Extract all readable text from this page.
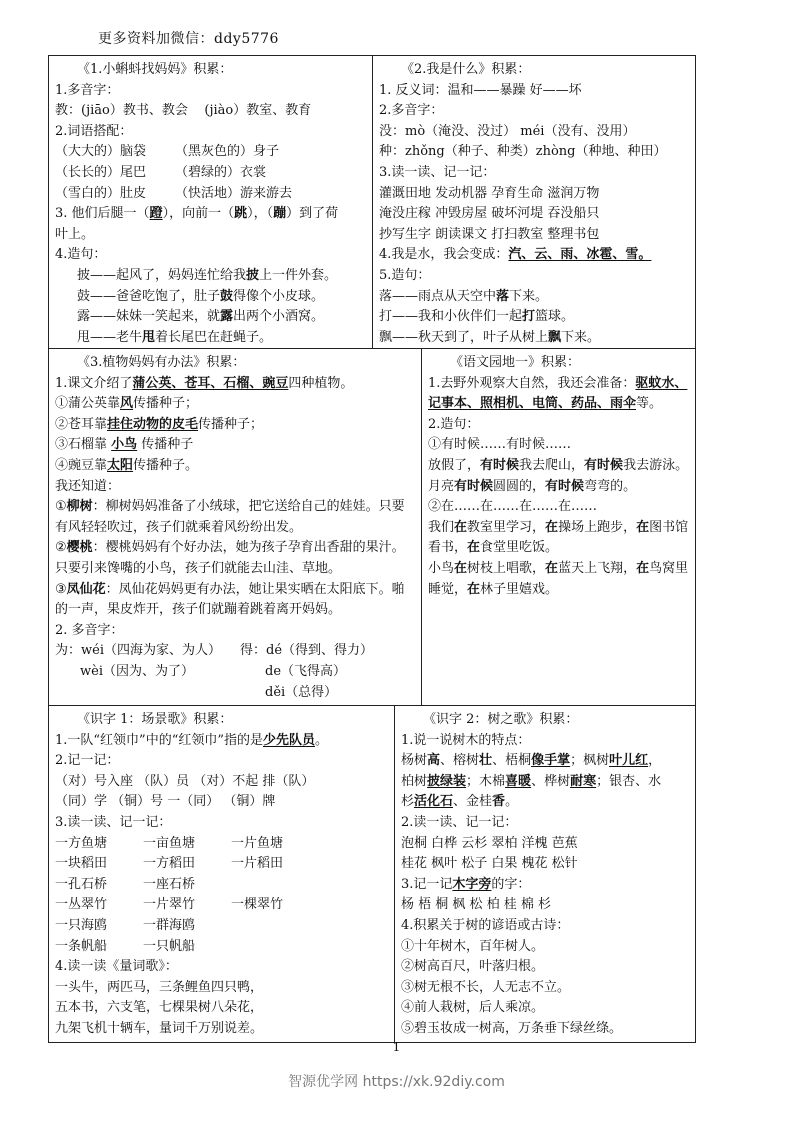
更多资料加微信：ddy5776
《1.小蝌蚪找妈妈》积累：
1.多音字：
教：(jiāo）教书、教会 (jiào）教室、教育
2.词语搭配：
（大大的）脑袋 （黑灰色的）身子
（长长的）尾巴 （碧绿的）衣裳
（雪白的）肚皮 （快活地）游来游去
3. 他们后腿一（蹬），向前一（跳），（蹦）到了荷
叶上。
4.造句：
披——起风了，妈妈连忙给我披上一件外套。
鼓——爸爸吃饱了，肚子鼓得像个小皮球。
露——妹妹一笑起来，就露出两个小酒窝。
甩——老牛甩着长尾巴在赶蝇子。
《2.我是什么》积累：
1. 反义词：温和——暴躁 好——坏
2.多音字：
没：mò（淹没、没过） méi（没有、没用）
种：zhǒng（种子、种类）zhòng（种地、种田）
3.读一读、记一记：
灌溉田地 发动机器 孕育生命 滋润万物
淹没庄稼 冲毁房屋 破坏河堤 吞没船只
抄写生字 朗读课文 打扫教室 整理书包
4.我是水，我会变成：汽、云、雨、冰雹、雪。
5.造句：
落——雨点从天空中落下来。
打——我和小伙伴们一起打篮球。
飘——秋天到了，叶子从树上飘下来。
《3.植物妈妈有办法》积累：
1.课文介绍了蒲公英、苍耳、石榴、豌豆四种植物。
①蒲公英靠风传播种子；
②苍耳靠挂住动物的皮毛传播种子；
③石榴靠 小鸟 传播种子
④豌豆靠太阳传播种子。
我还知道：
①柳树：柳树妈妈准备了小绒球，把它送给自己的娃娃。只要有风轻轻吹过，孩子们就乘着风纷纷出发。
②樱桃：樱桃妈妈有个好办法，她为孩子孕育出香甜的果汁。只要引来馋嘴的小鸟，孩子们就能去山洼、草地。
③凤仙花：凤仙花妈妈更有办法，她让果实晒在太阳底下。啪的一声，果皮炸开，孩子们就蹦着跳着离开妈妈。
2. 多音字：
为：wéi（四海为家、为人） 得：dé（得到、得力）
wèi（因为、为了）	de（飞得高）
děi（总得）
《语文园地一》积累：
1.去野外观察大自然，我还会准备：驱蚊水、记事本、照相机、电筒、药品、雨伞等。
2.造句：
①有时候……有时候……
放假了，有时候我去爬山，有时候我去游泳。月亮有时候圆圆的，有时候弯弯的。
②在……在……在……在……
我们在教室里学习，在操场上跑步，在图书馆看书，在食堂里吃饭。
小鸟在树枝上唱歌，在蓝天上飞翔，在鸟窝里睡觉，在林子里嬉戏。
《识字 1：场景歌》积累：
1.一队“红领巾”中的“红领巾”指的是少先队员。
2.记一记：
（对）号入座 （队）员 （对）不起 排（队）
（同）学 （铜）号 一（同） （铜）牌
3.读一读、记一记：
一方鱼塘	一亩鱼塘	一片鱼塘
一块稻田	一方稻田	一片稻田
一孔石桥	一座石桥
一丛翠竹	一片翠竹	一棵翠竹
一只海鸥	一群海鸥
一条帆船	一只帆船
4.读一读《量词歌》：
一头牛，两匹马，三条鲤鱼四只鸭，
五本书，六支笔，七棵果树八朵花，
九架飞机十辆车，量词千万别说差。
《识字 2：树之歌》积累：
1.说一说树木的特点：
杨树高、榕树壮、梧桐像手掌；枫树叶儿红，
柏树披绿装；木棉喜暖、桦树耐寒；银杏、水
杉活化石、金桂香。
2.读一读、记一记：
泡桐 白桦 云杉 翠柏 洋槐 芭蕉
桂花 枫叶 松子 白果 槐花 松针
3.记一记木字旁的字：
杨 梧 桐 枫 松 柏 桂 棉 杉
4.积累关于树的谚语或古诗：
①十年树木，百年树人。
②树高百尺，叶落归根。
③树无根不长，人无志不立。
④前人栽树，后人乘凉。
⑤碧玉妆成一树高，万条垂下绿丝绦。
1
智源优学网 https://xk.92diy.com
